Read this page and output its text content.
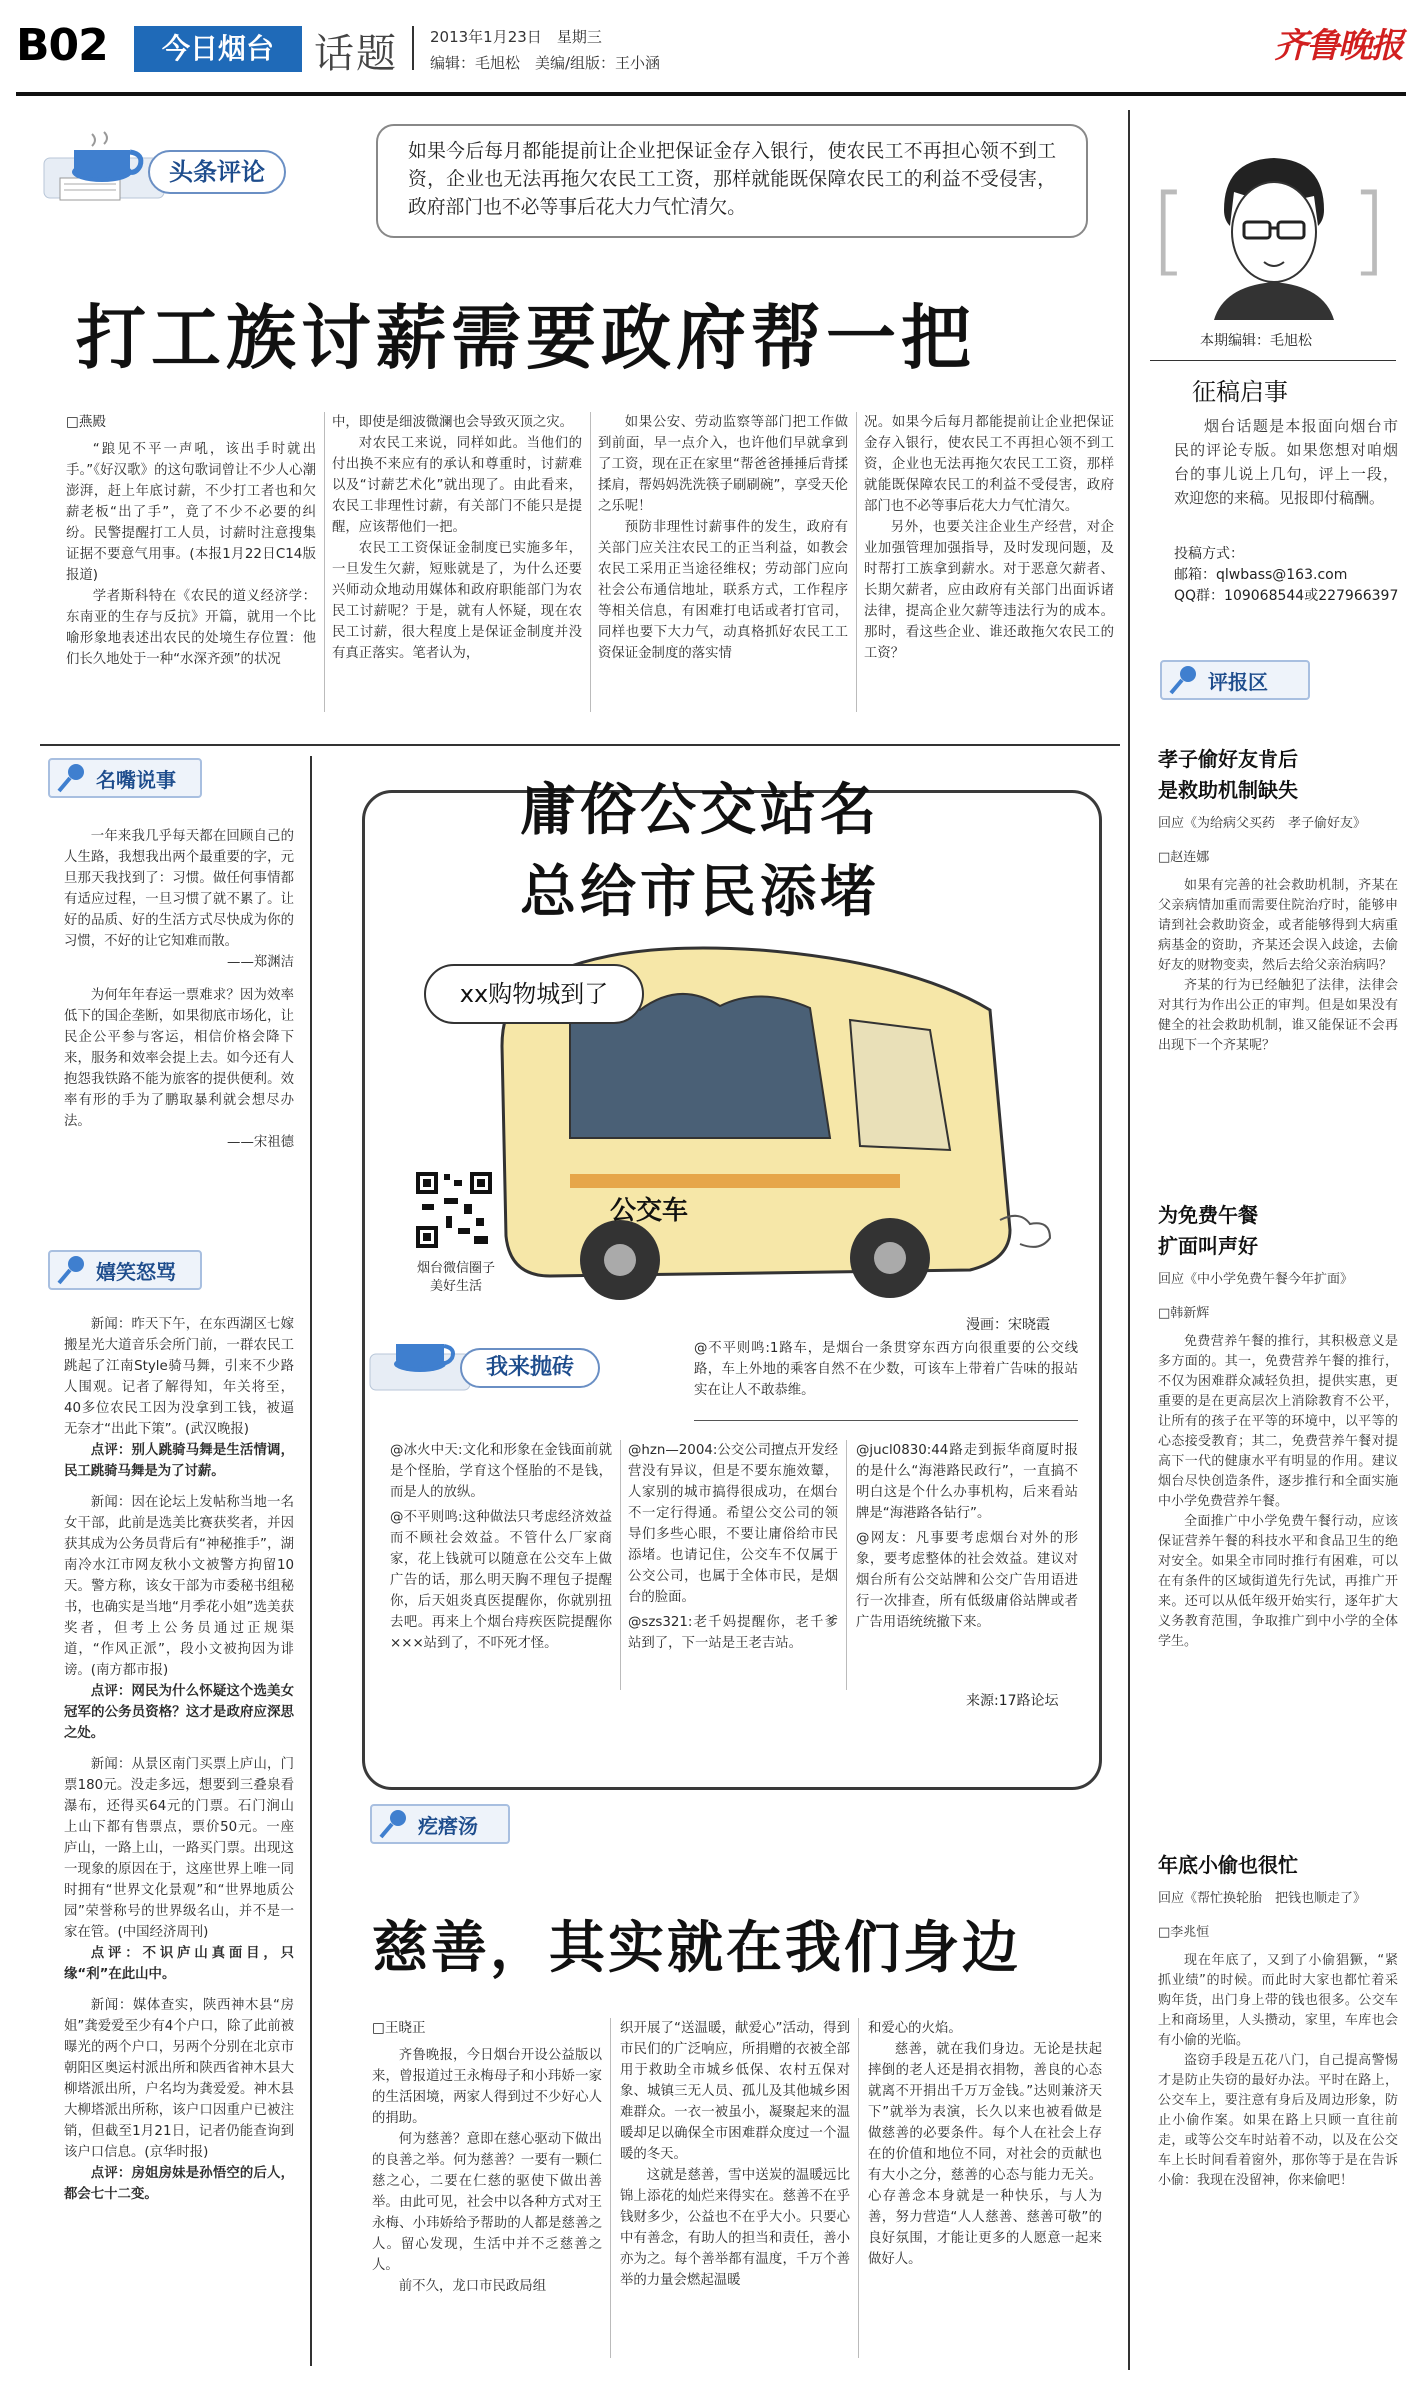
B02	今日烟台	话题 2013年1月23日　 星期三
编辑：毛旭松　美编/组版：王小涵	齐鲁晚报
头条评论
如果今后每月都能提前让企业把保证金存入银行，使农民工不再担心领不到工资，企业也无法再拖欠农民工工资，那样就能既保障农民工的利益不受侵害，政府部门也不必等事后花大力气忙清欠。
打工族讨薪需要政府帮一把
□燕殿

“踉见不平一声吼，该出手时就出手。”《好汉歌》的这句歌词曾让不少人心潮澎湃，赶上年底讨薪，不少打工者也和欠薪老板“出了手”，竟了不少不必要的纠纷。民警提醒打工人员，讨薪时注意搜集证据不要意气用事。(本报1月22日C14版报道)

学者斯科特在《农民的道义经济学：东南亚的生存与反抗》开篇，就用一个比喻形象地表述出农民的处境生存位置：他们长久地处于一种“水深齐颈”的状况

中，即使是细波微澜也会导致灭顶之灾。

对农民工来说，同样如此。当他们的付出换不来应有的承认和尊重时，讨薪难以及“讨薪艺术化”就出现了。由此看来，农民工非理性讨薪，有关部门不能只是提醒，应该帮他们一把。

农民工工资保证金制度已实施多年，一旦发生欠薪，短账就是了，为什么还要兴师动众地动用媒体和政府职能部门为农民工讨薪呢？于是，就有人怀疑，现在农民工讨薪，很大程度上是保证金制度并没有真正落实。笔者认为，

如果公安、劳动监察等部门把工作做到前面，早一点介入，也许他们早就拿到了工资，现在正在家里“帮爸爸捶捶后背揉揉肩，帮妈妈洗洗筷子刷刷碗”，享受天伦之乐呢！

预防非理性讨薪事件的发生，政府有关部门应关注农民工的正当利益，如教会农民工采用正当途径维权；劳动部门应向社会公布通信地址，联系方式，工作程序等相关信息，有困难打电话或者打官司，同样也要下大力气，动真格抓好农民工工资保证金制度的落实情

况。如果今后每月都能提前让企业把保证金存入银行，使农民工不再担心领不到工资，企业也无法再拖欠农民工工资，那样就能既保障农民工的利益不受侵害，政府部门也不必等事后花大力气忙清欠。

另外，也要关注企业生产经营，对企业加强管理加强指导，及时发现问题，及时帮打工族拿到薪水。对于恶意欠薪者、长期欠薪者，应由政府有关部门出面诉诸法律，提高企业欠薪等违法行为的成本。那时，看这些企业、谁还敢拖欠农民工的工资？

[ ]
本期编辑：毛旭松
征稿启事
烟台话题是本报面向烟台市民的评论专版。如果您想对咱烟台的事儿说上几句，评上一段，欢迎您的来稿。见报即付稿酬。
投稿方式：
邮箱：qlwbass@163.com
QQ群：109068544或227966397
评报区
孝子偷好友肯后
是救助机制缺失
回应《为给病父买药　孝子偷好友》
□赵连娜
如果有完善的社会救助机制，齐某在父亲病情加重而需要住院治疗时，能够申请到社会救助资金，或者能够得到大病重病基金的资助，齐某还会误入歧途，去偷好友的财物变卖，然后去给父亲治病吗？
齐某的行为已经触犯了法律，法律会对其行为作出公正的审判。但是如果没有健全的社会救助机制，谁又能保证不会再出现下一个齐某呢？
为免费午餐
扩面叫声好
回应《中小学免费午餐今年扩面》
□韩新辉
免费营养午餐的推行，其积极意义是多方面的。其一，免费营养午餐的推行，不仅为困难群众减轻负担，提供实惠，更重要的是在更高层次上消除教育不公平，让所有的孩子在平等的环境中，以平等的心态接受教育；其二，免费营养午餐对提高下一代的健康水平有明显的作用。建议烟台尽快创造条件，逐步推行和全面实施中小学免费营养午餐。
全面推广中小学免费午餐行动，应该保证营养午餐的科技水平和食品卫生的绝对安全。如果全市同时推行有困难，可以在有条件的区域街道先行先试，再推广开来。还可以从低年级开始实行，逐年扩大义务教育范围，争取推广到中小学的全体学生。
年底小偷也很忙
回应《帮忙换轮胎　把钱也顺走了》
□李兆恒
现在年底了，又到了小偷猖獗，“紧抓业绩”的时候。而此时大家也都忙着采购年货，出门身上带的钱也很多。公交车上和商场里，人头攒动，家里，车库也会有小偷的光临。
盗窃手段是五花八门，自己提高警惕才是防止失窃的最好办法。平时在路上，公交车上，要注意有身后及周边形象，防止小偷作案。如果在路上只顾一直往前走，或等公交车时站着不动，以及在公交车上长时间看着窗外，那你等于是在告诉小偷：我现在没留神，你来偷吧！
名嘴说事

一年来我几乎每天都在回顾自己的人生路，我想我出两个最重要的字，元旦那天我找到了：习惯。做任何事情都有适应过程，一旦习惯了就不累了。让好的品质、好的生活方式尽快成为你的习惯，不好的让它知难而散。

——郑渊洁

为何年年春运一票难求？因为效率低下的国企垄断，如果彻底市场化，让民企公平参与客运，相信价格会降下来，服务和效率会提上去。如今还有人抱怨我铁路不能为旅客的提供便利。效率有形的手为了鹏取暴利就会想尽办法。

——宋祖德
嬉笑怒骂

新闻：昨天下午，在东西湖区七嫁搬星光大道音乐会所门前，一群农民工跳起了江南Style骑马舞，引来不少路人围观。记者了解得知，年关将至，40多位农民工因为没拿到工钱，被逼无奈才“出此下策”。(武汉晚报)

点评：别人跳骑马舞是生活情调，民工跳骑马舞是为了讨薪。

新闻：因在论坛上发帖称当地一名女干部，此前是选美比赛获奖者，并因获其成为公务员背后有“神秘推手”，湖南冷水江市网友秋小文被警方拘留10天。警方称，该女干部为市委秘书组秘书，也确实是当地“月季花小姐”选美获奖者，但考上公务员通过正规渠道，“作风正派”，段小文被拘因为诽谤。(南方都市报)

点评：网民为什么怀疑这个选美女冠军的公务员资格？这才是政府应深思之处。

新闻：从景区南门买票上庐山，门票180元。没走多远，想要到三叠泉看瀑布，还得买64元的门票。石门涧山上山下都有售票点，票价50元。一座庐山，一路上山，一路买门票。出现这一现象的原因在于，这座世界上唯一同时拥有“世界文化景观”和“世界地质公园”荣誉称号的世界级名山，并不是一家在管。(中国经济周刊)

点评：不识庐山真面目，只缘“利”在此山中。

新闻：媒体查实，陕西神木县“房姐”龚爱爱至少有4个户口，除了此前被曝光的两个户口，另两个分别在北京市朝阳区奥运村派出所和陕西省神木县大柳塔派出所，户名均为龚爱爱。神木县大柳塔派出所称，该户口因重户已被注销，但截至1月21日，记者仍能查询到该户口信息。(京华时报)

点评：房姐房妹是孙悟空的后人，都会七十二变。

庸俗公交站名
总给市民添堵
xx购物城到了
公交车
烟台微信圈子
美好生活
漫画：宋晓霞
我来抛砖
@不平则鸣:1路车，是烟台一条贯穿东西方向很重要的公交线路，车上外地的乘客自然不在少数，可该车上带着广告味的报站实在让人不敢恭维。

@冰火中天:文化和形象在金钱面前就是个怪胎，学育这个怪胎的不是钱，而是人的放纵。

@不平则鸣:这种做法只考虑经济效益而不顾社会效益。不管什么厂家商家，花上钱就可以随意在公交车上做广告的话，那么明天胸不理包子提醒你，后天姐炎真医提醒你，你就别扭去吧。再来上个烟台痔疾医院提醒你×××站到了，不吓死才怪。

@hzn—2004:公交公司擅点开发经营没有异议，但是不要东施效颦，人家别的城市搞得很成功，在烟台不一定行得通。希望公交公司的领导们多些心眼，不要让庸俗给市民添堵。也请记住，公交车不仅属于公交公司，也属于全体市民，是烟台的脸面。

@szs321:老千妈提醒你，老千爹站到了，下一站是王老吉站。

@jucl0830:44路走到振华商厦时报的是什么“海港路民政行”，一直搞不明白这是个什么办事机构，后来看站牌是“海港路各钻行”。

@网友：凡事要考虑烟台对外的形象，要考虑整体的社会效益。建议对烟台所有公交站牌和公交广告用语进行一次排查，所有低级庸俗站牌或者广告用语统统撤下来。

来源:17路论坛
疙瘩汤
慈善，其实就在我们身边
□王晓正

齐鲁晚报，今日烟台开设公益版以来，曾报道过王永梅母子和小玮娇一家的生活困境，两家人得到过不少好心人的捐助。

何为慈善？意即在慈心驱动下做出的良善之举。何为慈善？一要有一颗仁慈之心，二要在仁慈的驱使下做出善举。由此可见，社会中以各种方式对王永梅、小玮娇给予帮助的人都是慈善之人。留心发现，生活中并不乏慈善之人。

前不久，龙口市民政局组

织开展了“送温暖，献爱心”活动，得到市民们的广泛响应，所捐赠的衣被全部用于救助全市城乡低保、农村五保对象、城镇三无人员、孤儿及其他城乡困难群众。一衣一被虽小，凝聚起来的温暖却足以确保全市困难群众度过一个温暖的冬天。

这就是慈善，雪中送炭的温暖远比锦上添花的灿烂来得实在。慈善不在乎钱财多少，公益也不在乎大小。只要心中有善念，有助人的担当和责任，善小亦为之。每个善举都有温度，千万个善举的力量会燃起温暖

和爱心的火焰。

慈善，就在我们身边。无论是扶起摔倒的老人还是捐衣捐物，善良的心态就离不开捐出千万万金钱。”达则兼济天下”就举为表演，长久以来也被看做是做慈善的必要条件。每个人在社会上存在的价值和地位不同，对社会的贡献也有大小之分，慈善的心态与能力无关。心存善念本身就是一种快乐，与人为善，努力营造“人人慈善、慈善可敬”的良好氛围，才能让更多的人愿意一起来做好人。
